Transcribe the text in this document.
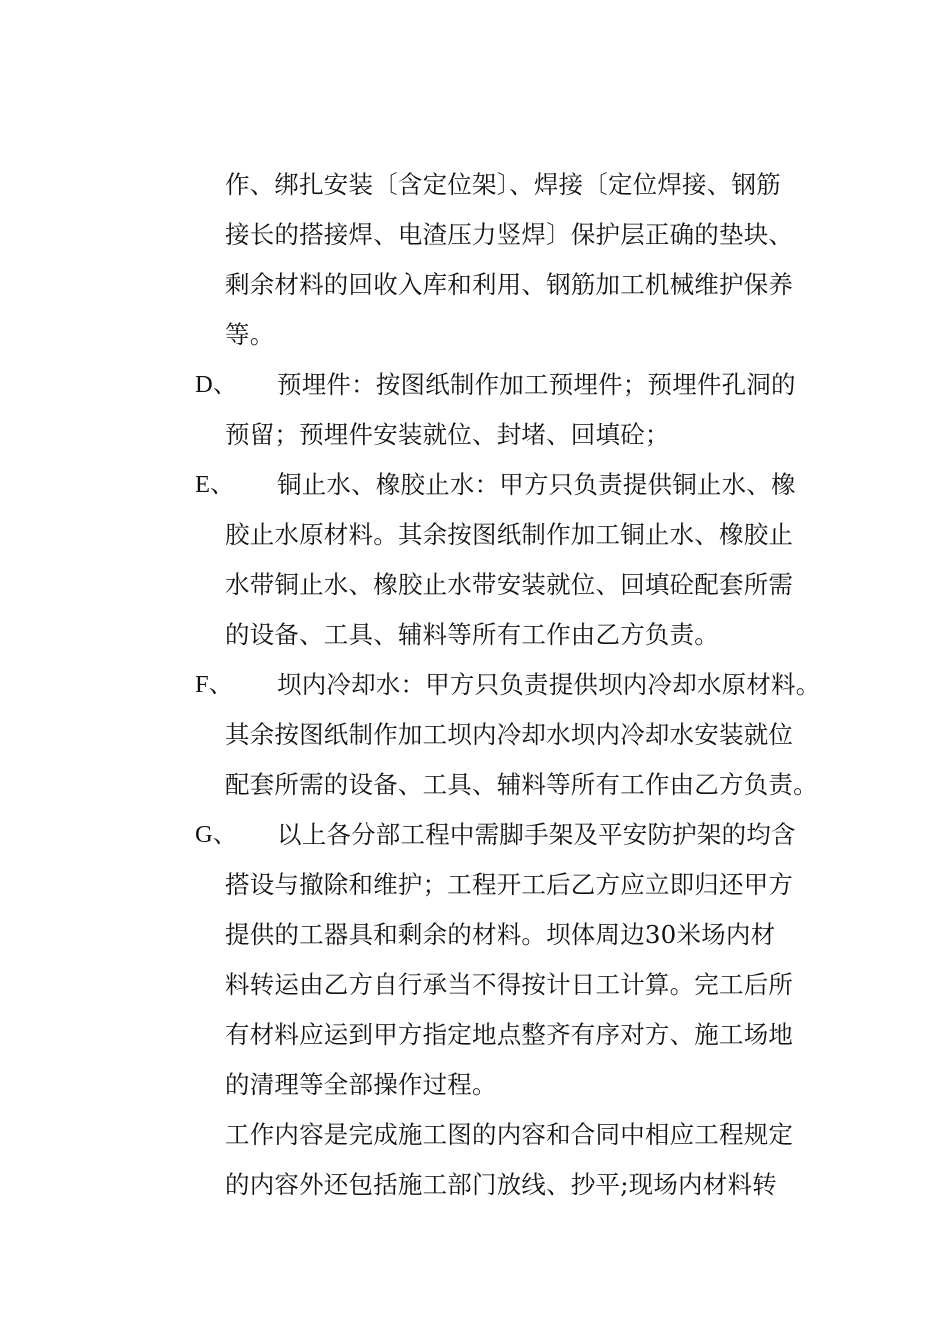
作、绑扎安装〔含定位架〕、焊接〔定位焊接、钢筋
接长的搭接焊、电渣压力竖焊〕保护层正确的垫块、
剩余材料的回收入库和利用、钢筋加工机械维护保养
等。
D、 预埋件：按图纸制作加工预埋件；预埋件孔洞的
预留；预埋件安装就位、封堵、回填砼；
E、 铜止水、橡胶止水：甲方只负责提供铜止水、橡
胶止水原材料。其余按图纸制作加工铜止水、橡胶止
水带铜止水、橡胶止水带安装就位、回填砼配套所需
的设备、工具、辅料等所有工作由乙方负责。
F、 坝内冷却水：甲方只负责提供坝内冷却水原材料。
其余按图纸制作加工坝内冷却水坝内冷却水安装就位
配套所需的设备、工具、辅料等所有工作由乙方负责。
G、 以上各分部工程中需脚手架及平安防护架的均含
搭设与撤除和维护；工程开工后乙方应立即归还甲方
提供的工器具和剩余的材料。坝体周边30米场内材
料转运由乙方自行承当不得按计日工计算。完工后所
有材料应运到甲方指定地点整齐有序对方、施工场地
的清理等全部操作过程。
工作内容是完成施工图的内容和合同中相应工程规定
的内容外还包括施工部门放线、抄平;现场内材料转
